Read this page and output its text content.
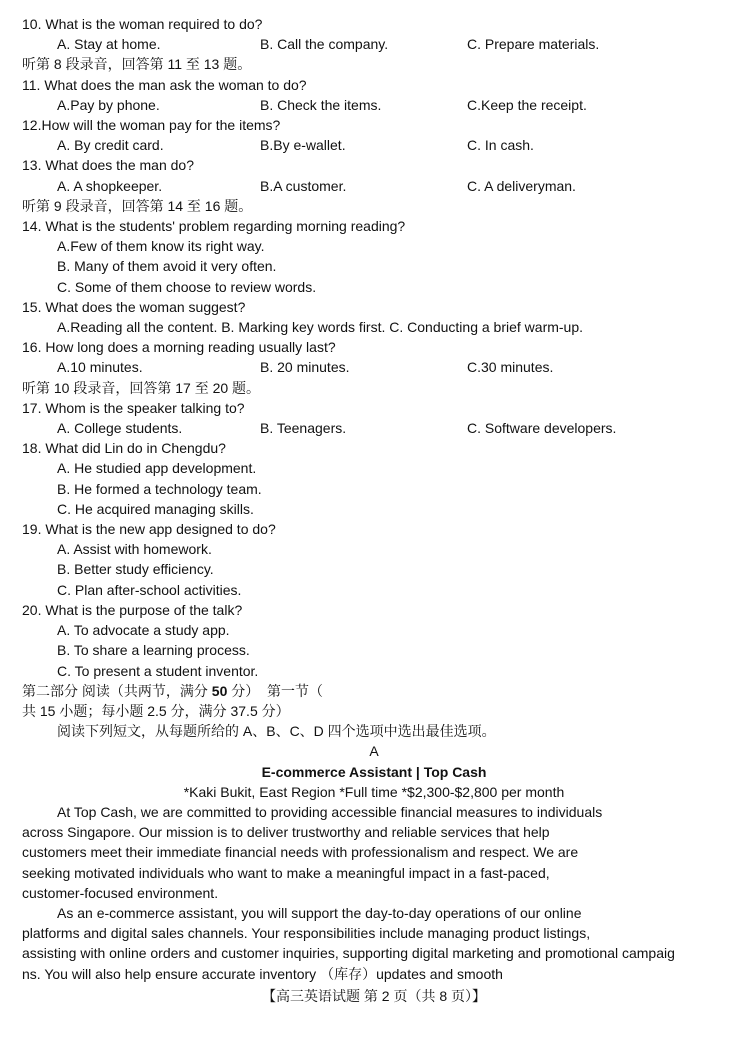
10. What is the woman required to do?
A. Stay at home.	B. Call the company.	C. Prepare materials.
听第 8 段录音，回答第 11 至 13 题。
11. What does the man ask the woman to do?
A.Pay by phone.	B. Check the items.	C.Keep the receipt.
12.How will the woman pay for the items?
A. By credit card.	B.By e-wallet.	C. In cash.
13. What does the man do?
A. A shopkeeper.	B.A customer.	C. A deliveryman.
听第 9 段录音，回答第 14 至 16 题。
14. What is the students' problem regarding morning reading?
A.Few of them know its right way.
B. Many of them avoid it very often.
C. Some of them choose to review words.
15. What does the woman suggest?
A.Reading all the content. B. Marking key words first. C. Conducting a brief warm-up.
16. How long does a morning reading usually last?
A.10 minutes.	B. 20 minutes.	C.30 minutes.
听第 10 段录音，回答第 17 至 20 题。
17. Whom is the speaker talking to?
A. College students.	B. Teenagers.	C. Software developers.
18. What did Lin do in Chengdu?
A. He studied app development.
B. He formed a technology team.
C. He acquired managing skills.
19. What is the new app designed to do?
A. Assist with homework.
B. Better study efficiency.
C. Plan after-school activities.
20. What is the purpose of the talk?
A. To advocate a study app.
B. To share a learning process.
C. To present a student inventor.
第二部分 阅读（共两节，满分 50 分）  第一节（
共 15 小题；每小题 2.5 分，满分 37.5 分）
阅读下列短文，从每题所给的 A、B、C、D 四个选项中选出最佳选项。
A
E-commerce Assistant | Top Cash
*Kaki Bukit, East Region *Full time *$2,300-$2,800 per month
At Top Cash, we are committed to providing accessible financial measures to individuals
across Singapore. Our mission is to deliver trustworthy and reliable services that help
customers meet their immediate financial needs with professionalism and respect. We are
seeking motivated individuals who want to make a meaningful impact in a fast-paced,
customer-focused environment.
As an e-commerce assistant, you will support the day-to-day operations of our online
platforms and digital sales channels. Your responsibilities include managing product listings,
assisting with online orders and customer inquiries, supporting digital marketing and promotional campaig
ns. You will also help ensure accurate inventory （库存）updates and smooth
【高三英语试题 第 2 页（共 8 页）】
